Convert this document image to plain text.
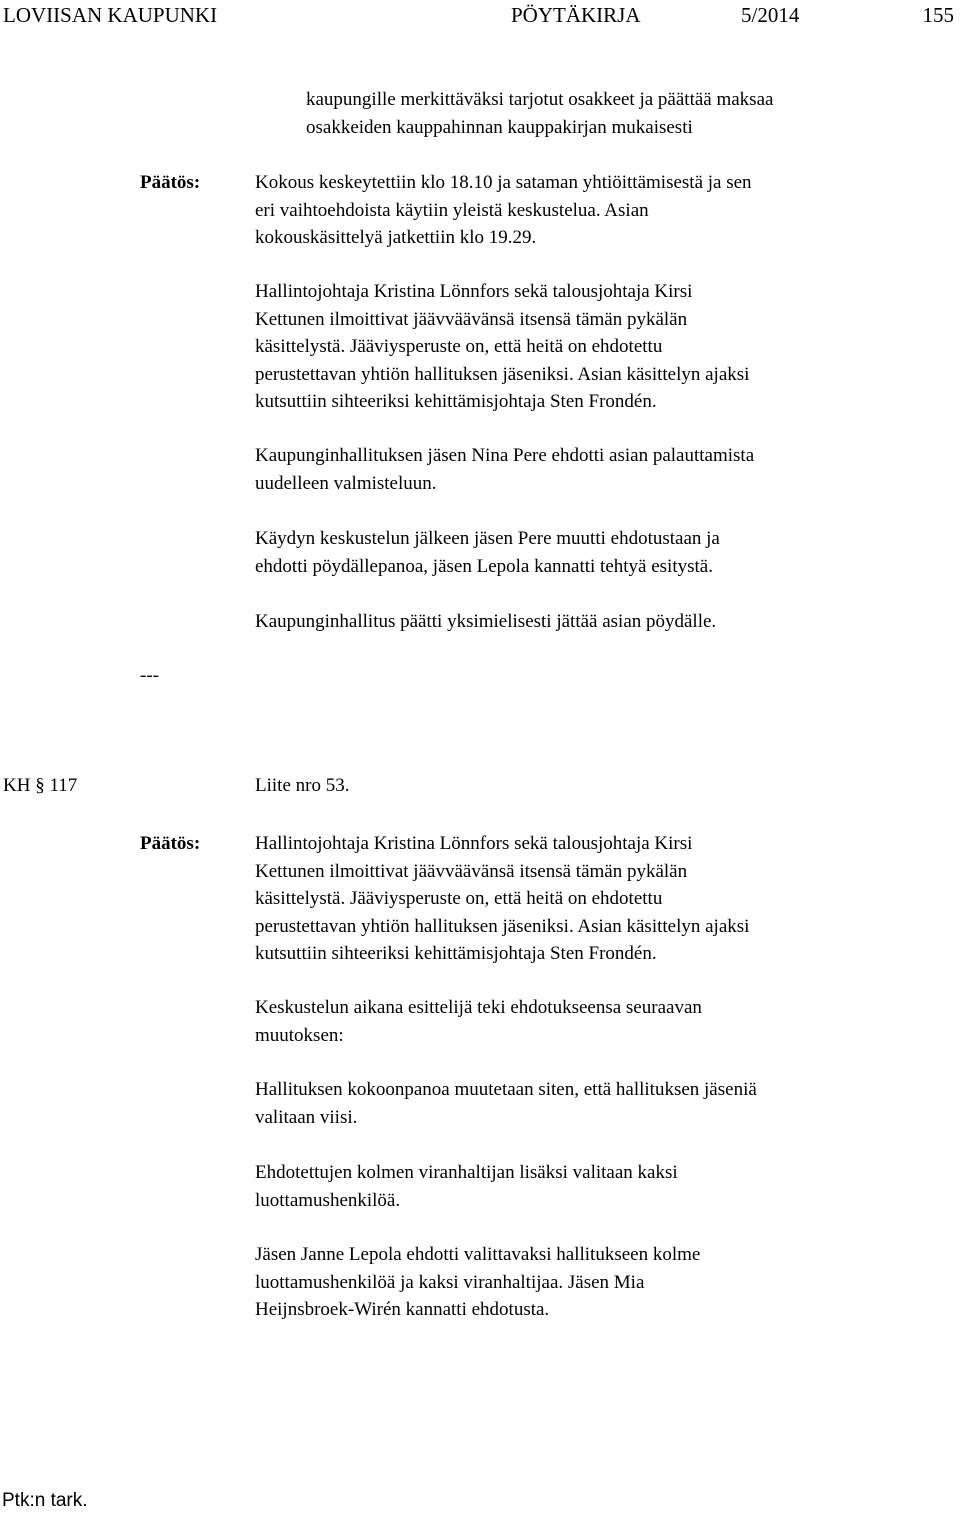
LOVIISAN KAUPUNKI	PÖYTÄKIRJA	5/2014	155

kaupungille merkittäväksi tarjotut osakkeet ja päättää maksaa
osakkeiden kauppahinnan kauppakirjan mukaisesti

Päätös:	Kokous keskeytettiin klo 18.10 ja sataman yhtiöittämisestä ja sen
eri vaihtoehdoista käytiin yleistä keskustelua. Asian
kokouskäsittelyä jatkettiin klo 19.29.

Hallintojohtaja Kristina Lönnfors sekä talousjohtaja Kirsi
Kettunen ilmoittivat jäävväävänsä itsensä tämän pykälän
käsittelystä. Jääviysperuste on, että heitä on ehdotettu
perustettavan yhtiön hallituksen jäseniksi. Asian käsittelyn ajaksi
kutsuttiin sihteeriksi kehittämisjohtaja Sten Frondén.

Kaupunginhallituksen jäsen Nina Pere ehdotti asian palauttamista
uudelleen valmisteluun.

Käydyn keskustelun jälkeen jäsen Pere muutti ehdotustaan ja
ehdotti pöydällepanoa, jäsen Lepola kannatti tehtyä esitystä.

Kaupunginhallitus päätti yksimielisesti jättää asian pöydälle.

---
KH § 117	Liite nro 53.
Päätös:	Hallintojohtaja Kristina Lönnfors sekä talousjohtaja Kirsi
Kettunen ilmoittivat jäävväävänsä itsensä tämän pykälän
käsittelystä. Jääviysperuste on, että heitä on ehdotettu
perustettavan yhtiön hallituksen jäseniksi. Asian käsittelyn ajaksi
kutsuttiin sihteeriksi kehittämisjohtaja Sten Frondén.

Keskustelun aikana esittelijä teki ehdotukseensa seuraavan
muutoksen:

Hallituksen kokoonpanoa muutetaan siten, että hallituksen jäseniä
valitaan viisi.

Ehdotettujen kolmen viranhaltijan lisäksi valitaan kaksi
luottamushenkilöä.

Jäsen Janne Lepola ehdotti valittavaksi hallitukseen kolme
luottamushenkilöä ja kaksi viranhaltijaa. Jäsen Mia
Heijnsbroek-Wirén kannatti ehdotusta.

Ptk:n tark.
